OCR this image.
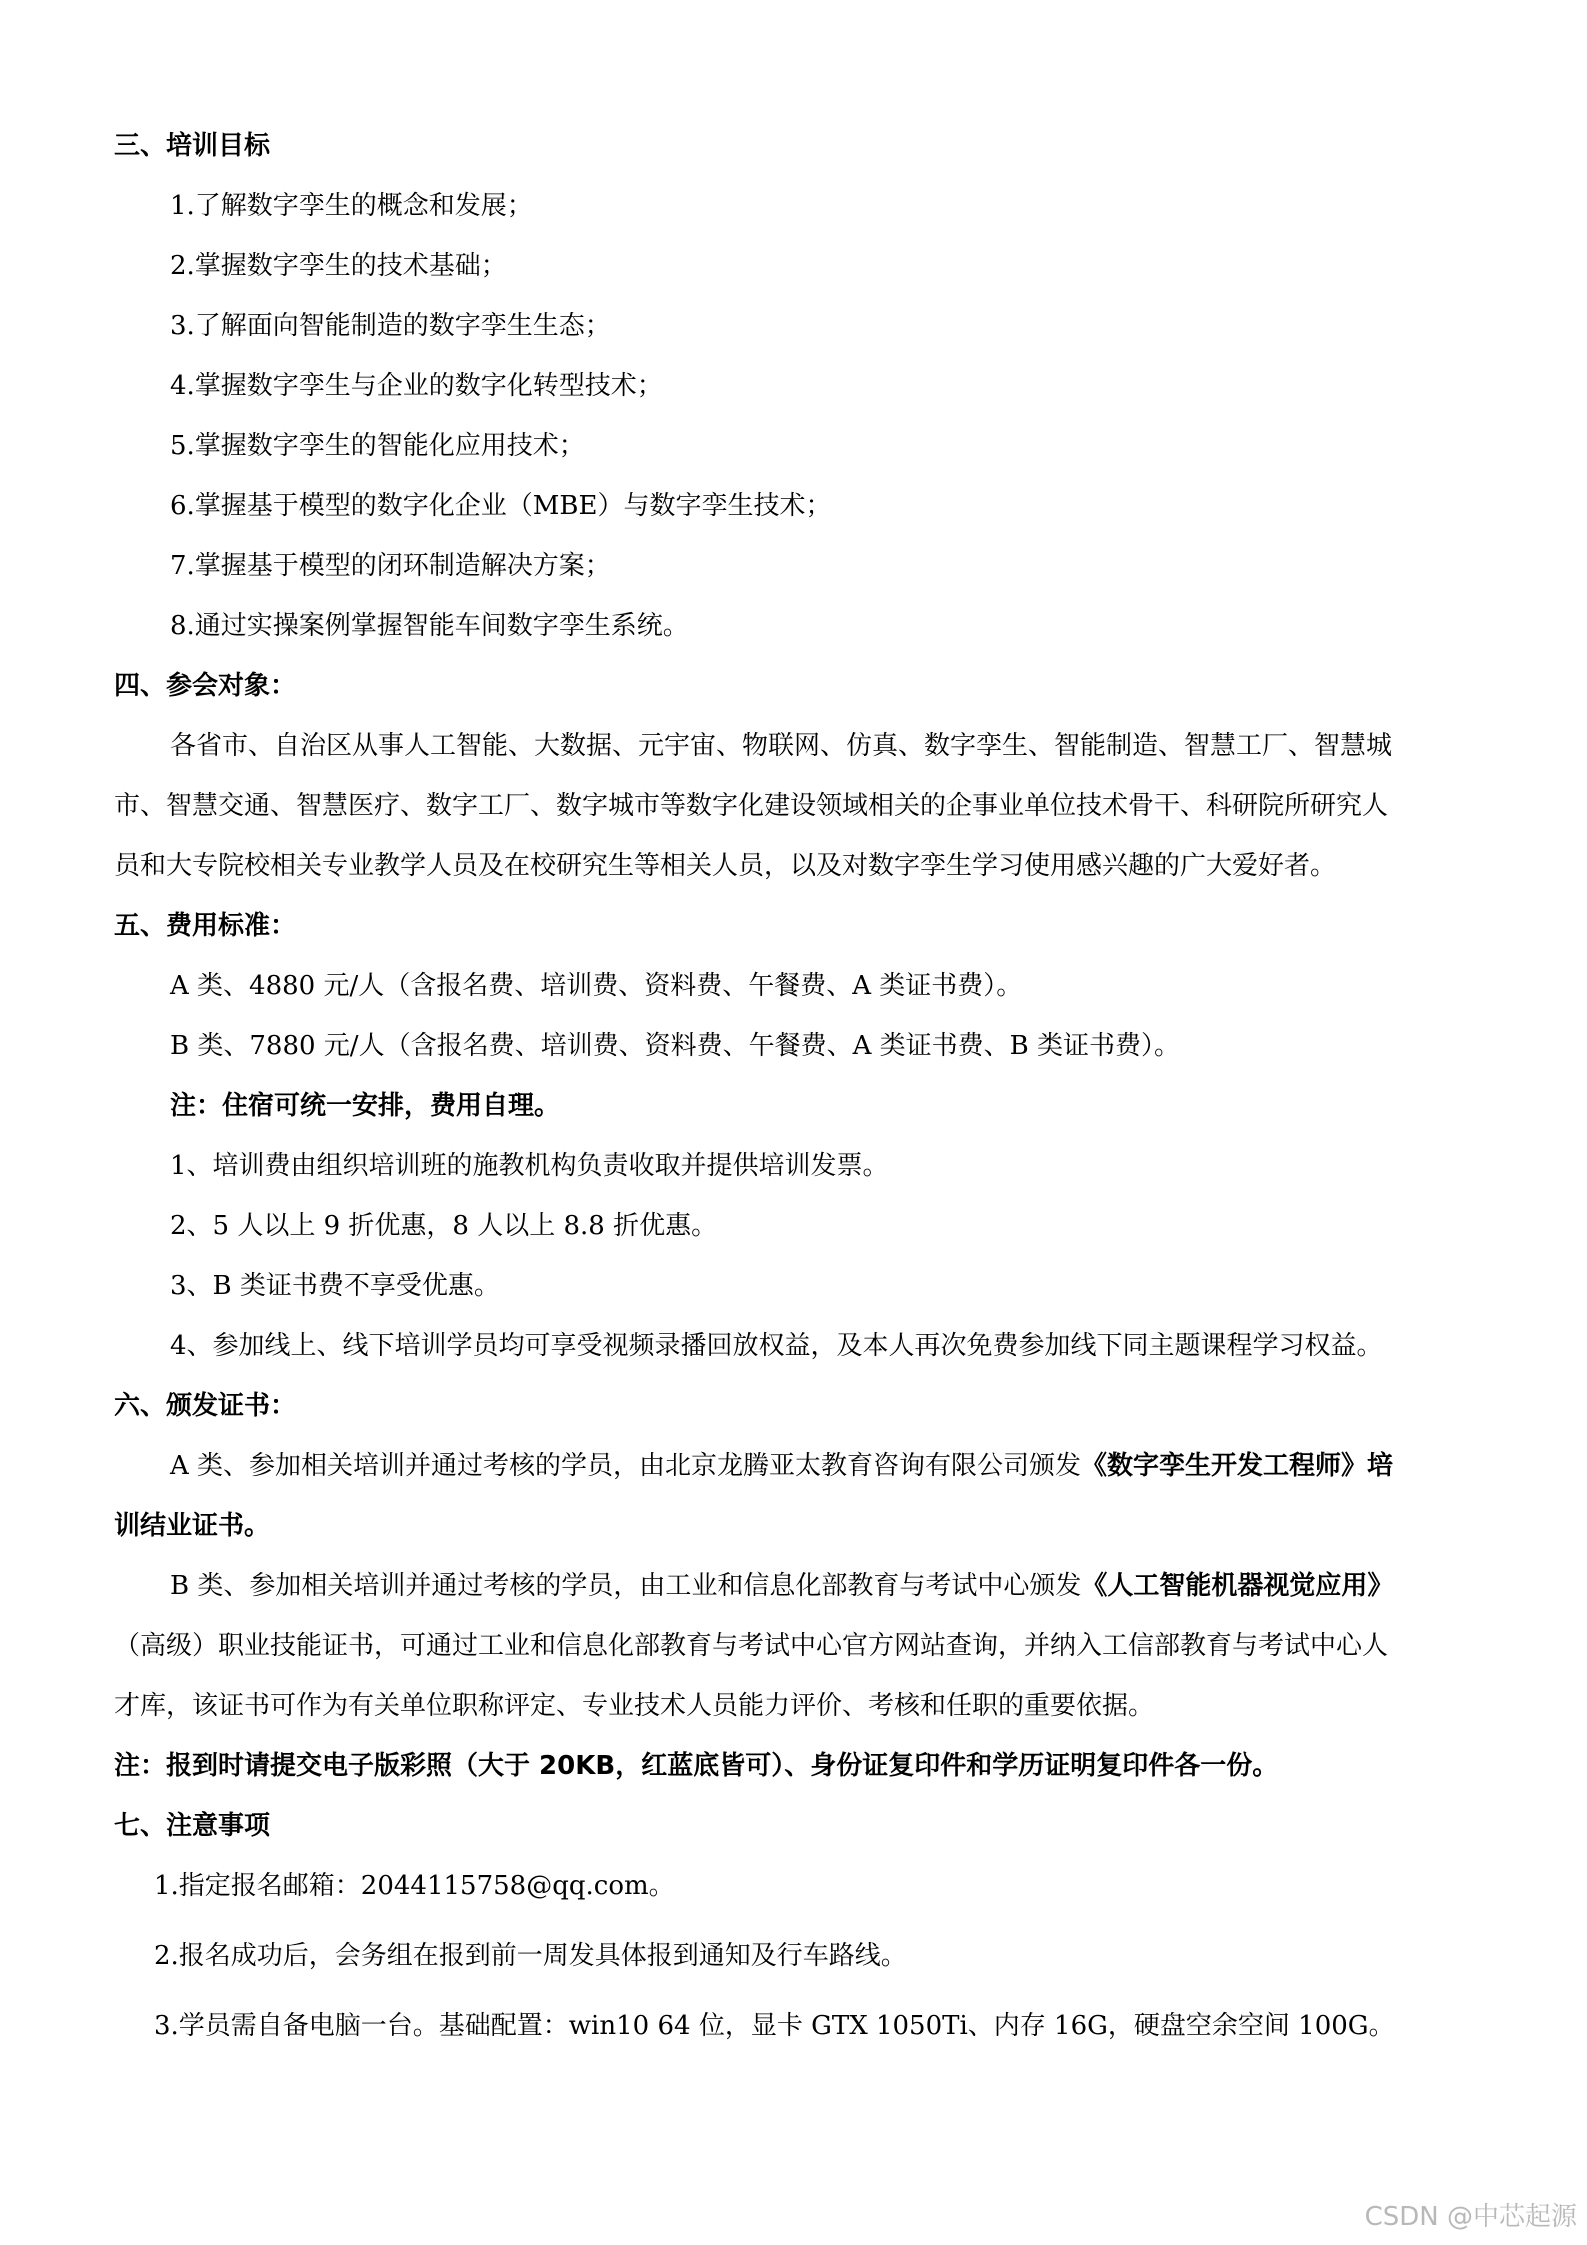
三、培训目标
1.了解数字孪生的概念和发展；
2.掌握数字孪生的技术基础；
3.了解面向智能制造的数字孪生生态；
4.掌握数字孪生与企业的数字化转型技术；
5.掌握数字孪生的智能化应用技术；
6.掌握基于模型的数字化企业（MBE）与数字孪生技术；
7.掌握基于模型的闭环制造解决方案；
8.通过实操案例掌握智能车间数字孪生系统。
四、参会对象：
各省市、自治区从事人工智能、大数据、元宇宙、物联网、仿真、数字孪生、智能制造、智慧工厂、智慧城
市、智慧交通、智慧医疗、数字工厂、数字城市等数字化建设领域相关的企事业单位技术骨干、科研院所研究人
员和大专院校相关专业教学人员及在校研究生等相关人员，以及对数字孪生学习使用感兴趣的广大爱好者。
五、费用标准：
A 类、4880 元/人（含报名费、培训费、资料费、午餐费、A 类证书费）。
B 类、7880 元/人（含报名费、培训费、资料费、午餐费、A 类证书费、B 类证书费）。
注：住宿可统一安排，费用自理。
1、培训费由组织培训班的施教机构负责收取并提供培训发票。
2、5 人以上 9 折优惠，8 人以上 8.8 折优惠。
3、B 类证书费不享受优惠。
4、参加线上、线下培训学员均可享受视频录播回放权益，及本人再次免费参加线下同主题课程学习权益。
六、颁发证书：
A 类、参加相关培训并通过考核的学员，由北京龙腾亚太教育咨询有限公司颁发《数字孪生开发工程师》培
训结业证书。
B 类、参加相关培训并通过考核的学员，由工业和信息化部教育与考试中心颁发《人工智能机器视觉应用》
（高级）职业技能证书，可通过工业和信息化部教育与考试中心官方网站查询，并纳入工信部教育与考试中心人
才库，该证书可作为有关单位职称评定、专业技术人员能力评价、考核和任职的重要依据。
注：报到时请提交电子版彩照（大于 20KB，红蓝底皆可）、身份证复印件和学历证明复印件各一份。
七、注意事项
1.指定报名邮箱：2044115758@qq.com。
2.报名成功后，会务组在报到前一周发具体报到通知及行车路线。
3.学员需自备电脑一台。基础配置：win10 64 位，显卡 GTX 1050Ti、内存 16G，硬盘空余空间 100G。
CSDN @中芯起源
